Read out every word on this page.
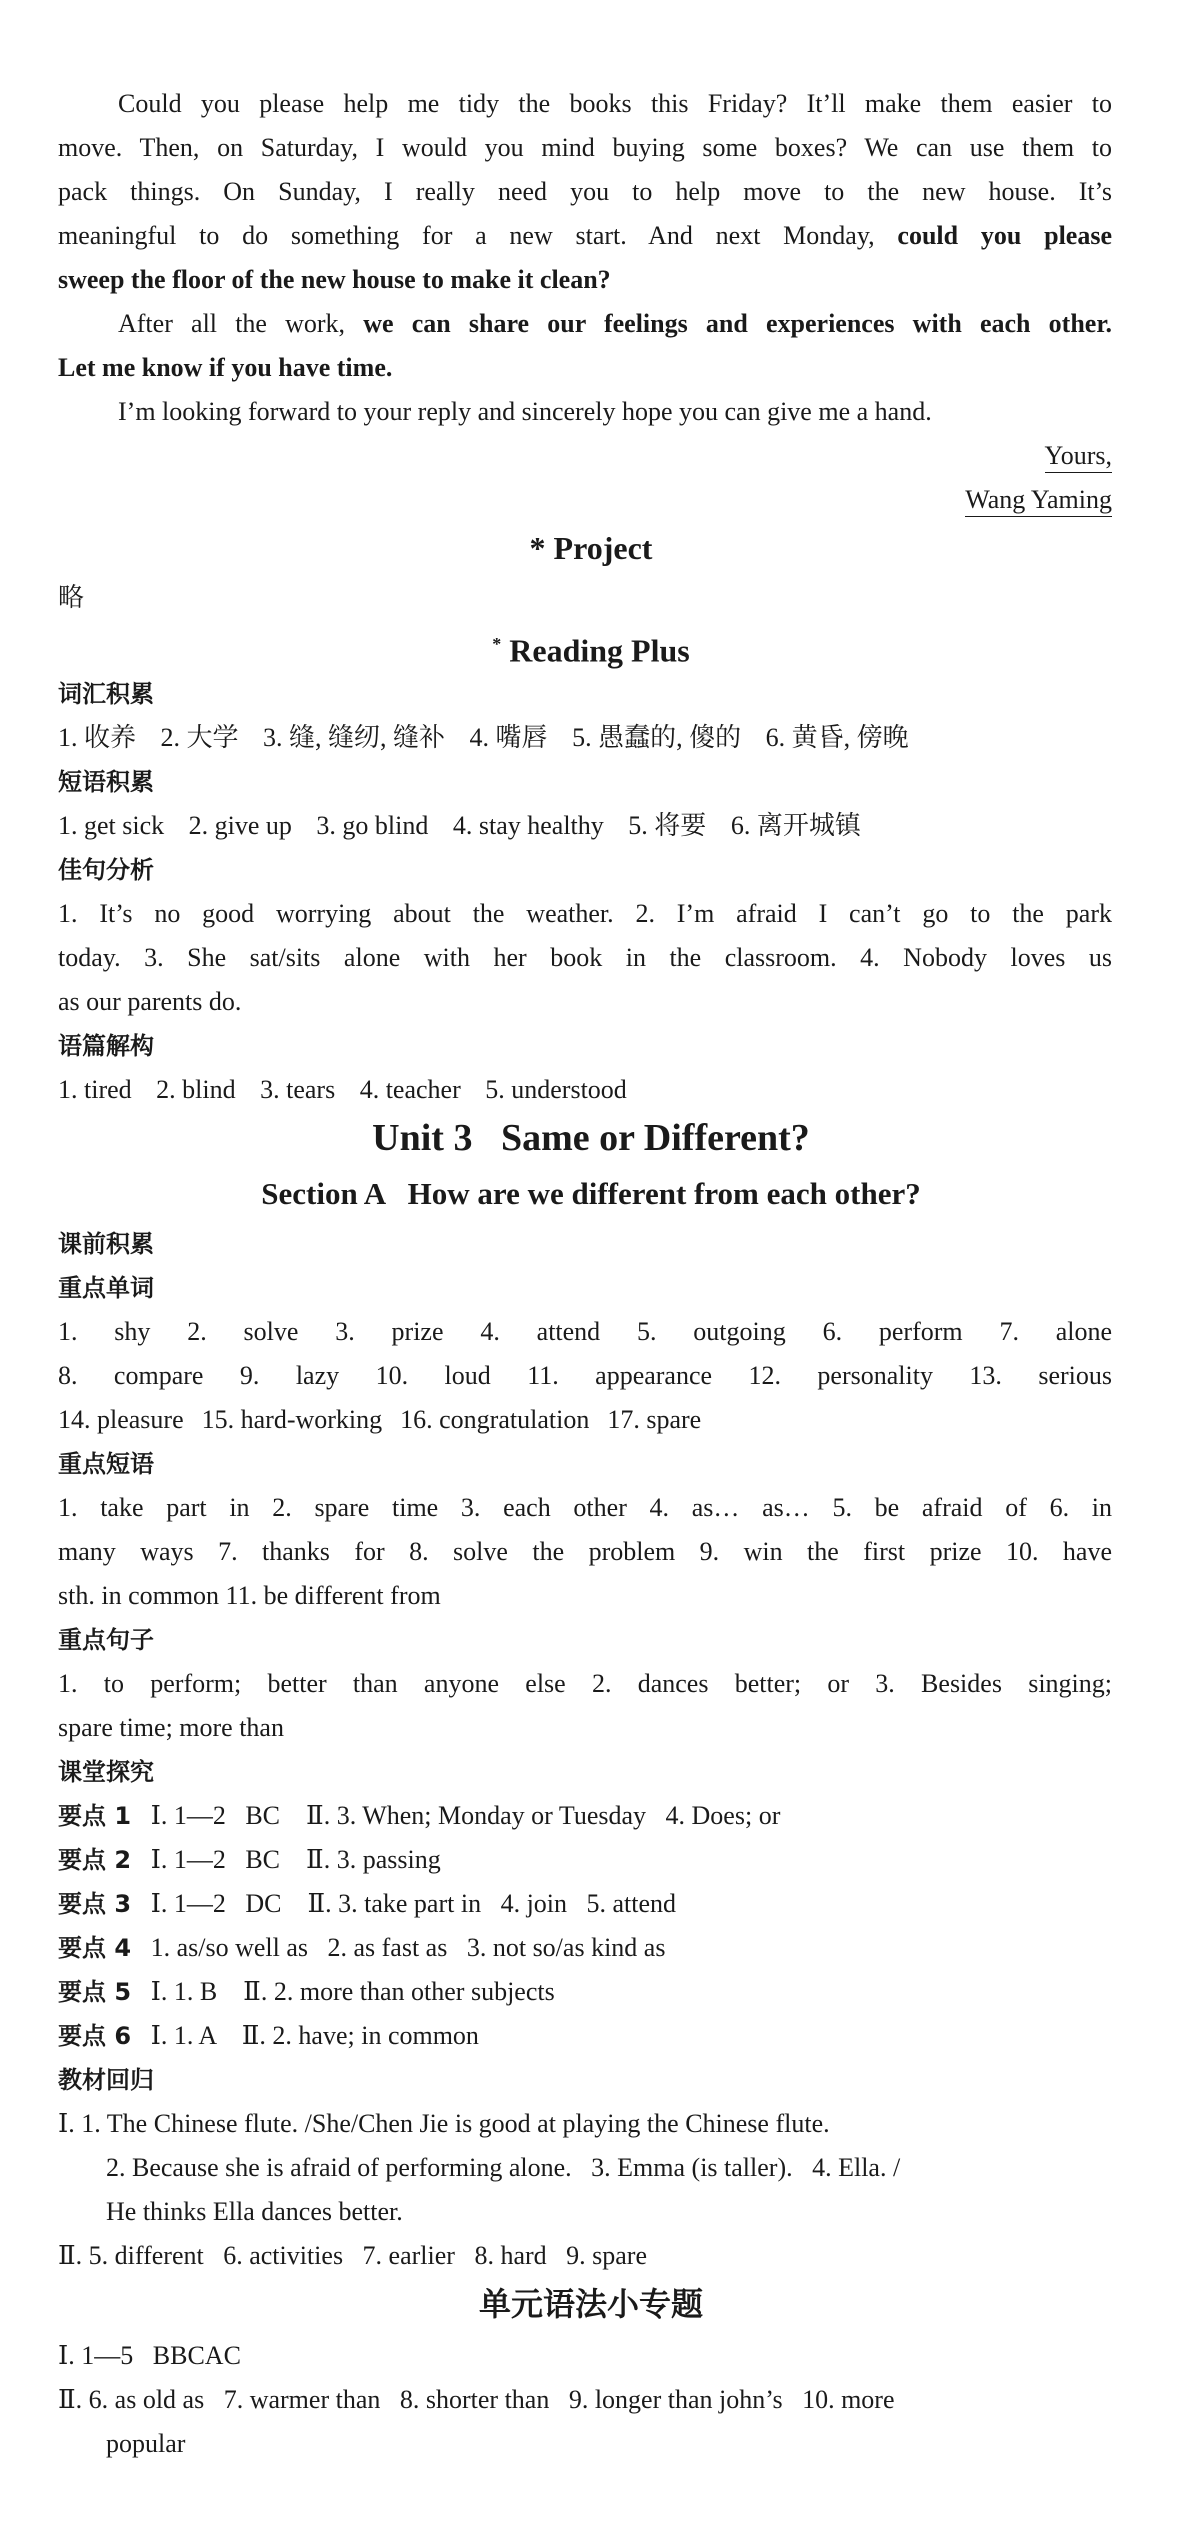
Could you please help me tidy the books this Friday? It’ll make them easier to
move. Then, on Saturday, I would you mind buying some boxes? We can use them to
pack things. On Sunday, I really need you to help move to the new house. It’s
meaningful to do something for a new start. And next Monday, could you please
sweep the floor of the new house to make it clean?
After all the work, we can share our feelings and experiences with each other.
Let me know if you have time.
I’m looking forward to your reply and sincerely hope you can give me a hand.
Yours,
Wang Yaming
* Project
略
* Reading Plus
词汇积累
1. 收养 2. 大学 3. 缝, 缝纫, 缝补 4. 嘴唇 5. 愚蠢的, 傻的 6. 黄昏, 傍晚
短语积累
1. get sick 2. give up 3. go blind 4. stay healthy 5. 将要 6. 离开城镇
佳句分析
1. It’s no good worrying about the weather. 2. I’m afraid I can’t go to the park
today. 3. She sat/sits alone with her book in the classroom. 4. Nobody loves us
as our parents do.
语篇解构
1. tired 2. blind 3. tears 4. teacher 5. understood
Unit 3   Same or Different?
Section A   How are we different from each other?
课前积累
重点单词
1. shy 2. solve 3. prize 4. attend 5. outgoing 6. perform 7. alone
8. compare 9. lazy 10. loud 11. appearance 12. personality 13. serious
14. pleasure 15. hard-working 16. congratulation 17. spare
重点短语
1. take part in 2. spare time 3. each other 4. as… as… 5. be afraid of 6. in
many ways 7. thanks for 8. solve the problem 9. win the first prize 10. have
sth. in common 11. be different from
重点句子
1. to perform; better than anyone else 2. dances better; or 3. Besides singing;
spare time; more than
课堂探究
要点 1 Ⅰ. 1—2   BC    Ⅱ. 3. When; Monday or Tuesday   4. Does; or
要点 2 Ⅰ. 1—2   BC    Ⅱ. 3. passing
要点 3 Ⅰ. 1—2   DC    Ⅱ. 3. take part in   4. join   5. attend
要点 4 1. as/so well as   2. as fast as   3. not so/as kind as
要点 5 Ⅰ. 1. B    Ⅱ. 2. more than other subjects
要点 6 Ⅰ. 1. A    Ⅱ. 2. have; in common
教材回归
Ⅰ. 1. The Chinese flute. /She/Chen Jie is good at playing the Chinese flute.
2. Because she is afraid of performing alone.   3. Emma (is taller).   4. Ella. /
He thinks Ella dances better.
Ⅱ. 5. different   6. activities   7. earlier   8. hard   9. spare
单元语法小专题
Ⅰ. 1—5   BBCAC
Ⅱ. 6. as old as   7. warmer than   8. shorter than   9. longer than john’s   10. more
popular
